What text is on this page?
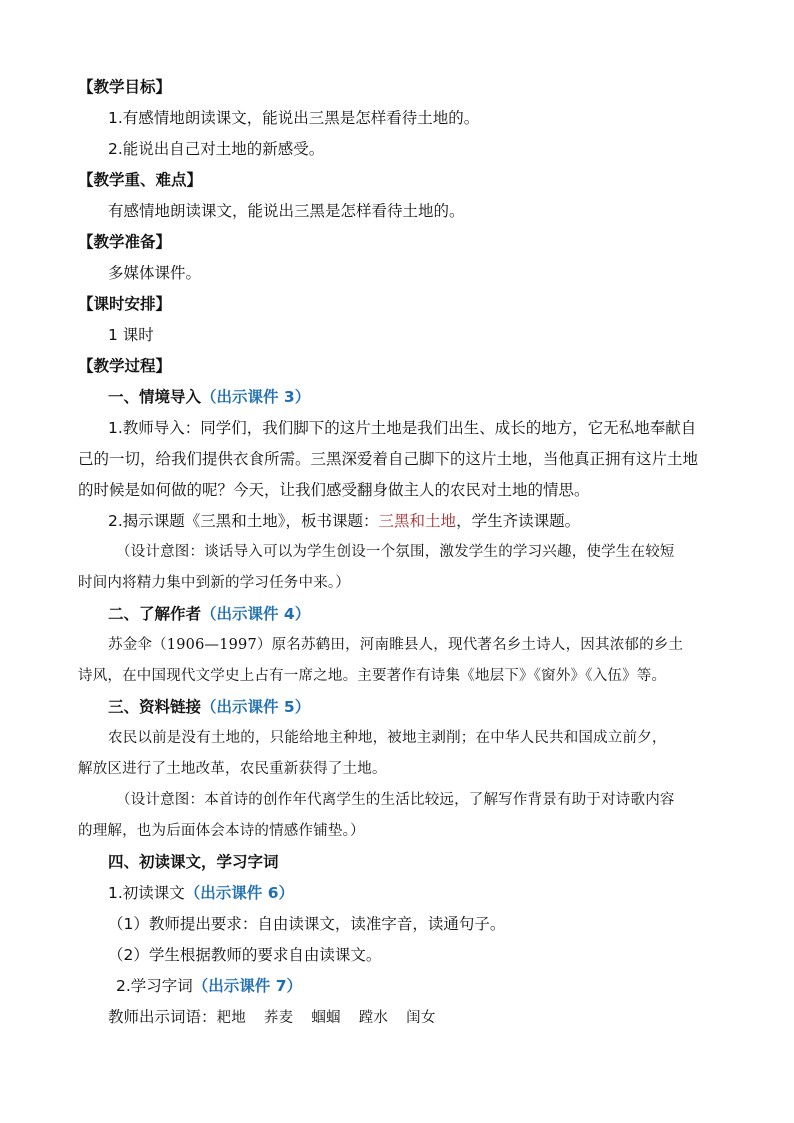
【教学目标】
1.有感情地朗读课文，能说出三黑是怎样看待土地的。
2.能说出自己对土地的新感受。
【教学重、难点】
有感情地朗读课文，能说出三黑是怎样看待土地的。
【教学准备】
多媒体课件。
【课时安排】
1 课时
【教学过程】
一、情境导入（出示课件 3）
1.教师导入：同学们，我们脚下的这片土地是我们出生、成长的地方，它无私地奉献自
己的一切，给我们提供衣食所需。三黑深爱着自己脚下的这片土地，当他真正拥有这片土地
的时候是如何做的呢？今天，让我们感受翻身做主人的农民对土地的情思。
2.揭示课题《三黑和土地》，板书课题：三黑和土地，学生齐读课题。
（设计意图：谈话导入可以为学生创设一个氛围，激发学生的学习兴趣，使学生在较短
时间内将精力集中到新的学习任务中来。）
二、了解作者（出示课件 4）
苏金伞（1906—1997）原名苏鹤田，河南睢县人，现代著名乡土诗人，因其浓郁的乡土
诗风，在中国现代文学史上占有一席之地。主要著作有诗集《地层下》《窗外》《入伍》等。
三、资料链接（出示课件 5）
农民以前是没有土地的，只能给地主种地，被地主剥削；在中华人民共和国成立前夕，
解放区进行了土地改革，农民重新获得了土地。
（设计意图：本首诗的创作年代离学生的生活比较远，了解写作背景有助于对诗歌内容
的理解，也为后面体会本诗的情感作铺垫。）
四、初读课文，学习字词
1.初读课文（出示课件 6）
（1）教师提出要求：自由读课文，读准字音，读通句子。
（2）学生根据教师的要求自由读课文。
2.学习字词（出示课件 7）
教师出示词语：耙地 荞麦 蝈蝈 蹚水 闺女
